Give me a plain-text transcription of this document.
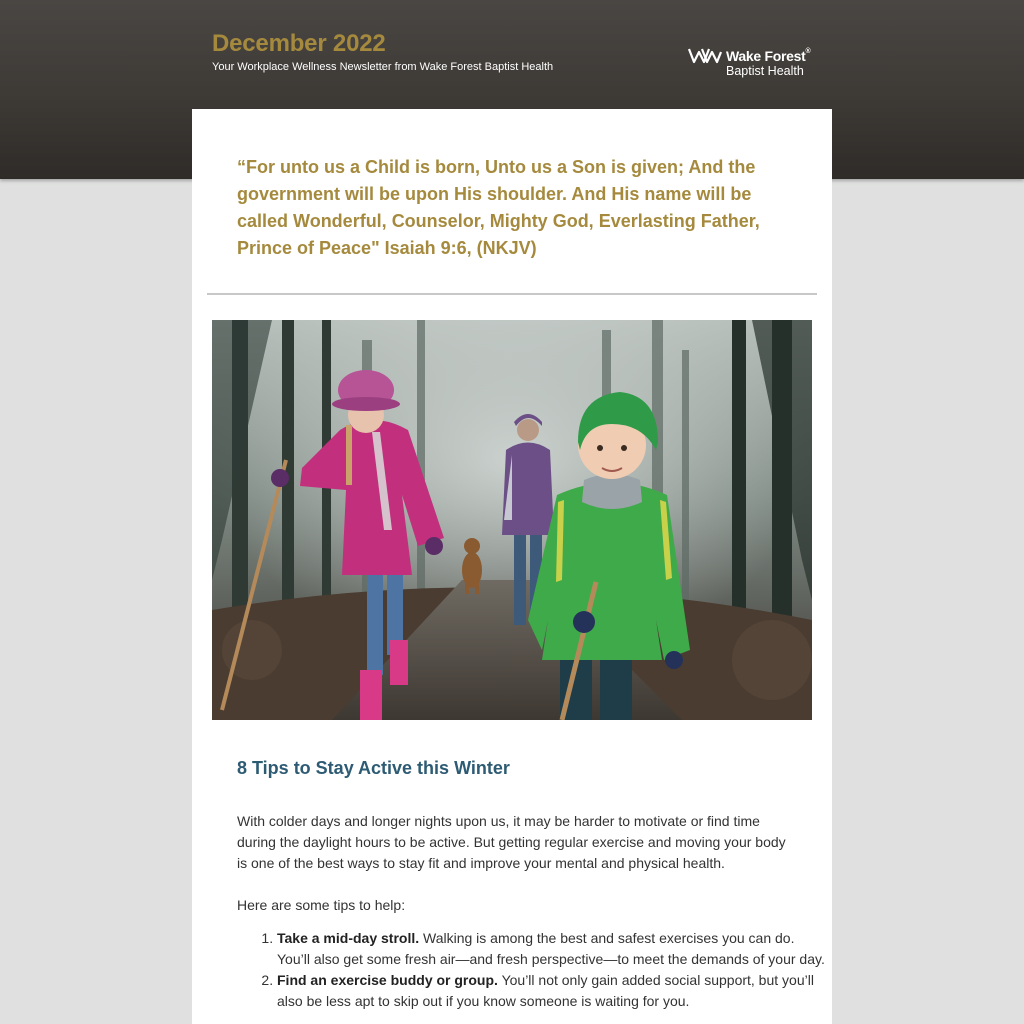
December 2022

Your Workplace Wellness Newsletter from Wake Forest Baptist Health

Wake Forest®
Baptist Health

“For unto us a Child is born, Unto us a Son is given; And the government will be upon His shoulder. And His name will be called Wonderful, Counselor, Mighty God, Everlasting Father, Prince of Peace" Isaiah 9:6, (NKJV)

8 Tips to Stay Active this Winter

With colder days and longer nights upon us, it may be harder to motivate or find time during the daylight hours to be active. But getting regular exercise and moving your body is one of the best ways to stay fit and improve your mental and physical health.

Here are some tips to help:

1. Take a mid-day stroll. Walking is among the best and safest exercises you can do. You’ll also get some fresh air—and fresh perspective—to meet the demands of your day.
2. Find an exercise buddy or group. You’ll not only gain added social support, but you’ll also be less apt to skip out if you know someone is waiting for you.
